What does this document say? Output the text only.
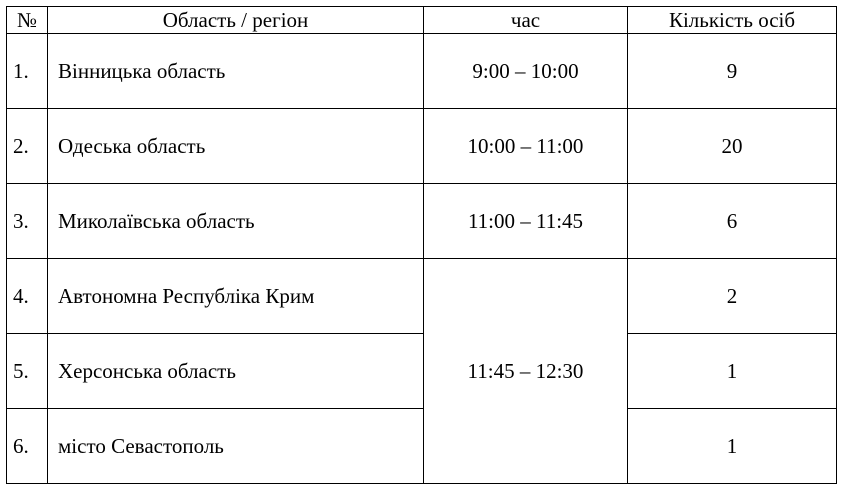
№	Область / регіон	час	Кількість осіб
1.	Вінницька область	9:00 – 10:00	9
2.	Одеська область	10:00 – 11:00	20
3.	Миколаївська область	11:00 – 11:45	6
4.	Автономна Республіка Крим	11:45 – 12:30	2
5.	Херсонська область		1
6.	місто Севастополь		1
